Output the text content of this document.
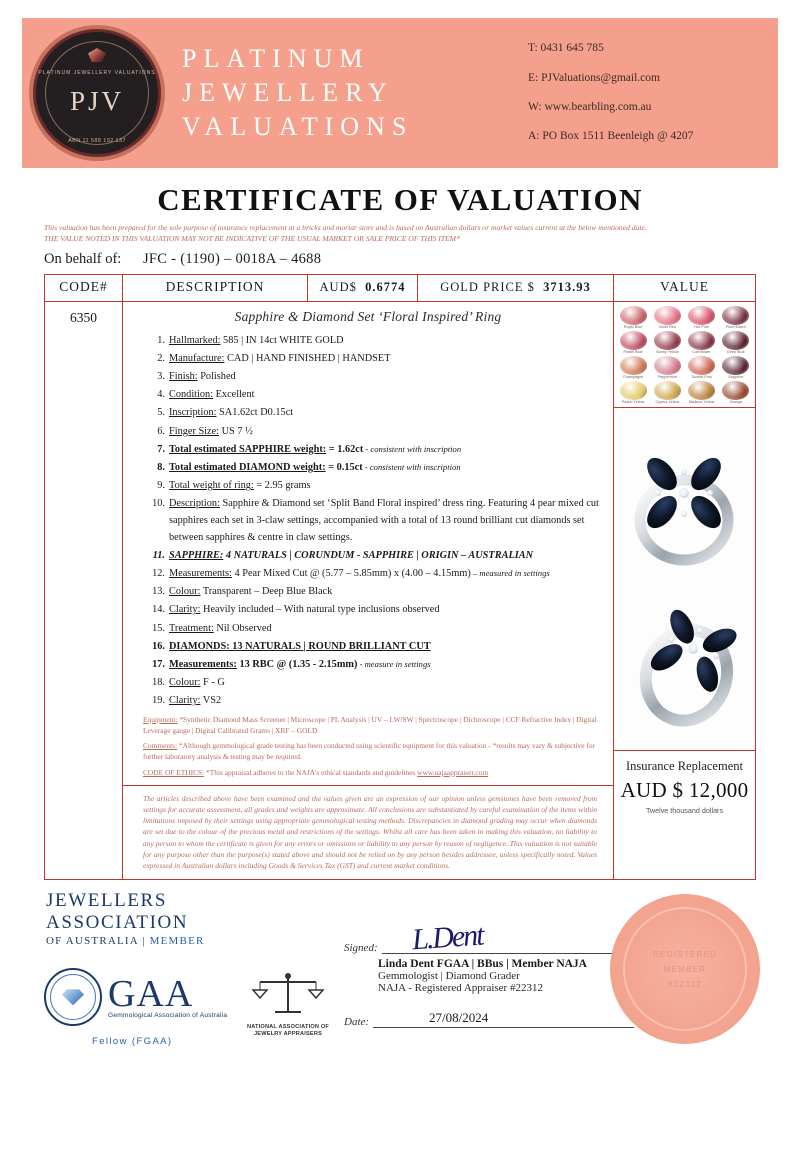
PLATINUM JEWELLERY VALUATIONS
PJV
ABN 11 588 192 137
PLATINUM
JEWELLERY
VALUATIONS
T: 0431 645 785
E: PJValuations@gmail.com
W: www.bearbling.com.au
A: PO Box 1511 Beenleigh @ 4207
CERTIFICATE OF VALUATION
This valuation has been prepared for the sole purpose of insurance replacement at a bricks and mortar store and is based on Australian dollars or market values current at the below mentioned date.
THE VALUE NOTED IN THIS VALUATION MAY NOT BE INDICATIVE OF THE USUAL MARKET OR SALE PRICE OF THIS ITEM*
On behalf of: JFC - (1190) – 0018A – 4688
CODE#	DESCRIPTION	AUD$ 0.6774	GOLD PRICE $ 3713.93	VALUE
6350	Sapphire & Diamond Set ‘Floral Inspired’ Ring
1. Hallmarked: 585 | IN 14ct WHITE GOLD
2. Manufacture: CAD | HAND FINISHED | HANDSET
3. Finish: Polished
4. Condition: Excellent
5. Inscription: SA1.62ct D0.15ct
6. Finger Size: US 7 ½
7. Total estimated SAPPHIRE weight: = 1.62ct - consistent with inscription
8. Total estimated DIAMOND weight: = 0.15ct - consistent with inscription
9. Total weight of ring: = 2.95 grams
10. Description: Sapphire & Diamond set ‘Split Band Floral inspired’ dress ring. Featuring 4 pear mixed cut sapphires each set in 3-claw settings, accompanied with a total of 13 round brilliant cut diamonds set between sapphires & centre in claw settings.
11. SAPPHIRE: 4 NATURALS | CORUNDUM - SAPPHIRE | ORIGIN – AUSTRALIAN
12. Measurements: 4 Pear Mixed Cut @ (5.77 – 5.85mm) x (4.00 – 4.15mm) – measured in settings
13. Colour: Transparent – Deep Blue Black
14. Clarity: Heavily included – With natural type inclusions observed
15. Treatment: Nil Observed
16. DIAMONDS: 13 NATURALS | ROUND BRILLIANT CUT
17. Measurements: 13 RBC @ (1.35 - 2.15mm) - measure in settings
18. Colour: F - G
19. Clarity: VS2
Equipment: *Synthetic Diamond Mass Screener | Microscope | PL Analysis | UV – LW/SW | Spectroscope | Dichroscope | CCF Refractive Index | Digital Leverage gauge | Digital Calibrated Grams | XRF – GOLD
Comments: *Although gemmological grade testing has been conducted using scientific equipment for this valuation - *results may vary & subjective for further laboratory analysis & testing may be required.
CODE OF ETHICS: *This appraisal adheres to the NAJA's ethical standards and guidelines www.najaappraiser.com
The articles described above have been examined and the values given are an expression of our opinion unless gemstones have been removed from settings for accurate assessment, all grades and weights are approximate. All conclusions are substantiated by careful examination of the items within limitations imposed by their settings using appropriate gemmological testing methods. Discrepancies in diamond grading may occur when diamonds are set due to the colour of the precious metal and restrictions of the settings. Whilst all care has been taken in making this valuation, no liability to any person to whom the certificate is given for any errors or omissions or liability to any person by reason of negligence. This valuation is not suitable for any purpose other than the purpose(s) stated above and should not be relied on by any person besides addressee, unless specifically noted. Values expressed in Australian dollars including Goods & Services Tax (GST) and current market conditions.
Royal Blue	Violet Red	Hot Pink	Plum Mixed
Pastel Blue	Sunny Yellow	Cornflower	Deep Blue
Champagne	Peppermint	Sunset Pink	Sapphire
Pastel Yellow	Cyprus Yellow	Madeira Yellow	Orange
Insurance Replacement
AUD $ 12,000
Twelve thousand dollars
JEWELLERS
ASSOCIATION
OF AUSTRALIA | MEMBER
GAA
Gemmological Association of Australia
Fellow (FGAA)
NATIONAL ASSOCIATION OF
JEWELRY APPRAISERS
Signed: L.Dent
Linda Dent FGAA | BBus | Member NAJA
Gemmologist | Diamond Grader
NAJA - Registered Appraiser #22312
Date:	27/08/2024
REGISTERED
MEMBER
#22312
